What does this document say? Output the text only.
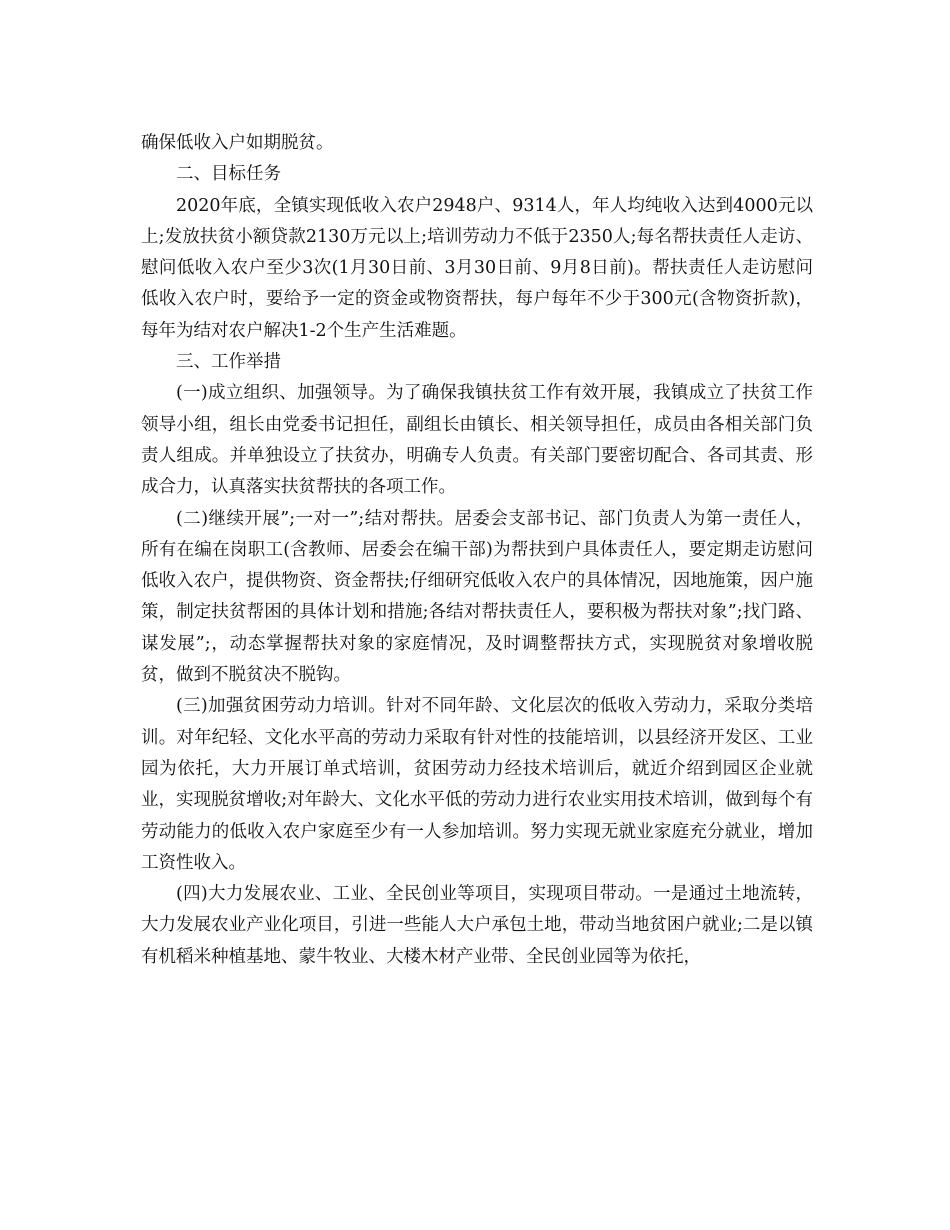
确保低收入户如期脱贫。

二、目标任务

2020年底，全镇实现低收入农户2948户、9314人，年人均纯收入达到4000元以上;发放扶贫小额贷款2130万元以上;培训劳动力不低于2350人;每名帮扶责任人走访、慰问低收入农户至少3次(1月30日前、3月30日前、9月8日前)。帮扶责任人走访慰问低收入农户时，要给予一定的资金或物资帮扶，每户每年不少于300元(含物资折款)，每年为结对农户解决1-2个生产生活难题。

三、工作举措

(一)成立组织、加强领导。为了确保我镇扶贫工作有效开展，我镇成立了扶贫工作领导小组，组长由党委书记担任，副组长由镇长、相关领导担任，成员由各相关部门负责人组成。并单独设立了扶贫办，明确专人负责。有关部门要密切配合、各司其责、形成合力，认真落实扶贫帮扶的各项工作。

(二)继续开展”;一对一”;结对帮扶。居委会支部书记、部门负责人为第一责任人，所有在编在岗职工(含教师、居委会在编干部)为帮扶到户具体责任人，要定期走访慰问低收入农户，提供物资、资金帮扶;仔细研究低收入农户的具体情况，因地施策，因户施策，制定扶贫帮困的具体计划和措施;各结对帮扶责任人，要积极为帮扶对象”;找门路、谋发展”;，动态掌握帮扶对象的家庭情况，及时调整帮扶方式，实现脱贫对象增收脱贫，做到不脱贫决不脱钩。

(三)加强贫困劳动力培训。针对不同年龄、文化层次的低收入劳动力，采取分类培训。对年纪轻、文化水平高的劳动力采取有针对性的技能培训，以县经济开发区、工业园为依托，大力开展订单式培训，贫困劳动力经技术培训后，就近介绍到园区企业就业，实现脱贫增收;对年龄大、文化水平低的劳动力进行农业实用技术培训，做到每个有劳动能力的低收入农户家庭至少有一人参加培训。努力实现无就业家庭充分就业，增加工资性收入。

(四)大力发展农业、工业、全民创业等项目，实现项目带动。一是通过土地流转，大力发展农业产业化项目，引进一些能人大户承包土地，带动当地贫困户就业;二是以镇有机稻米种植基地、蒙牛牧业、大楼木材产业带、全民创业园等为依托，
